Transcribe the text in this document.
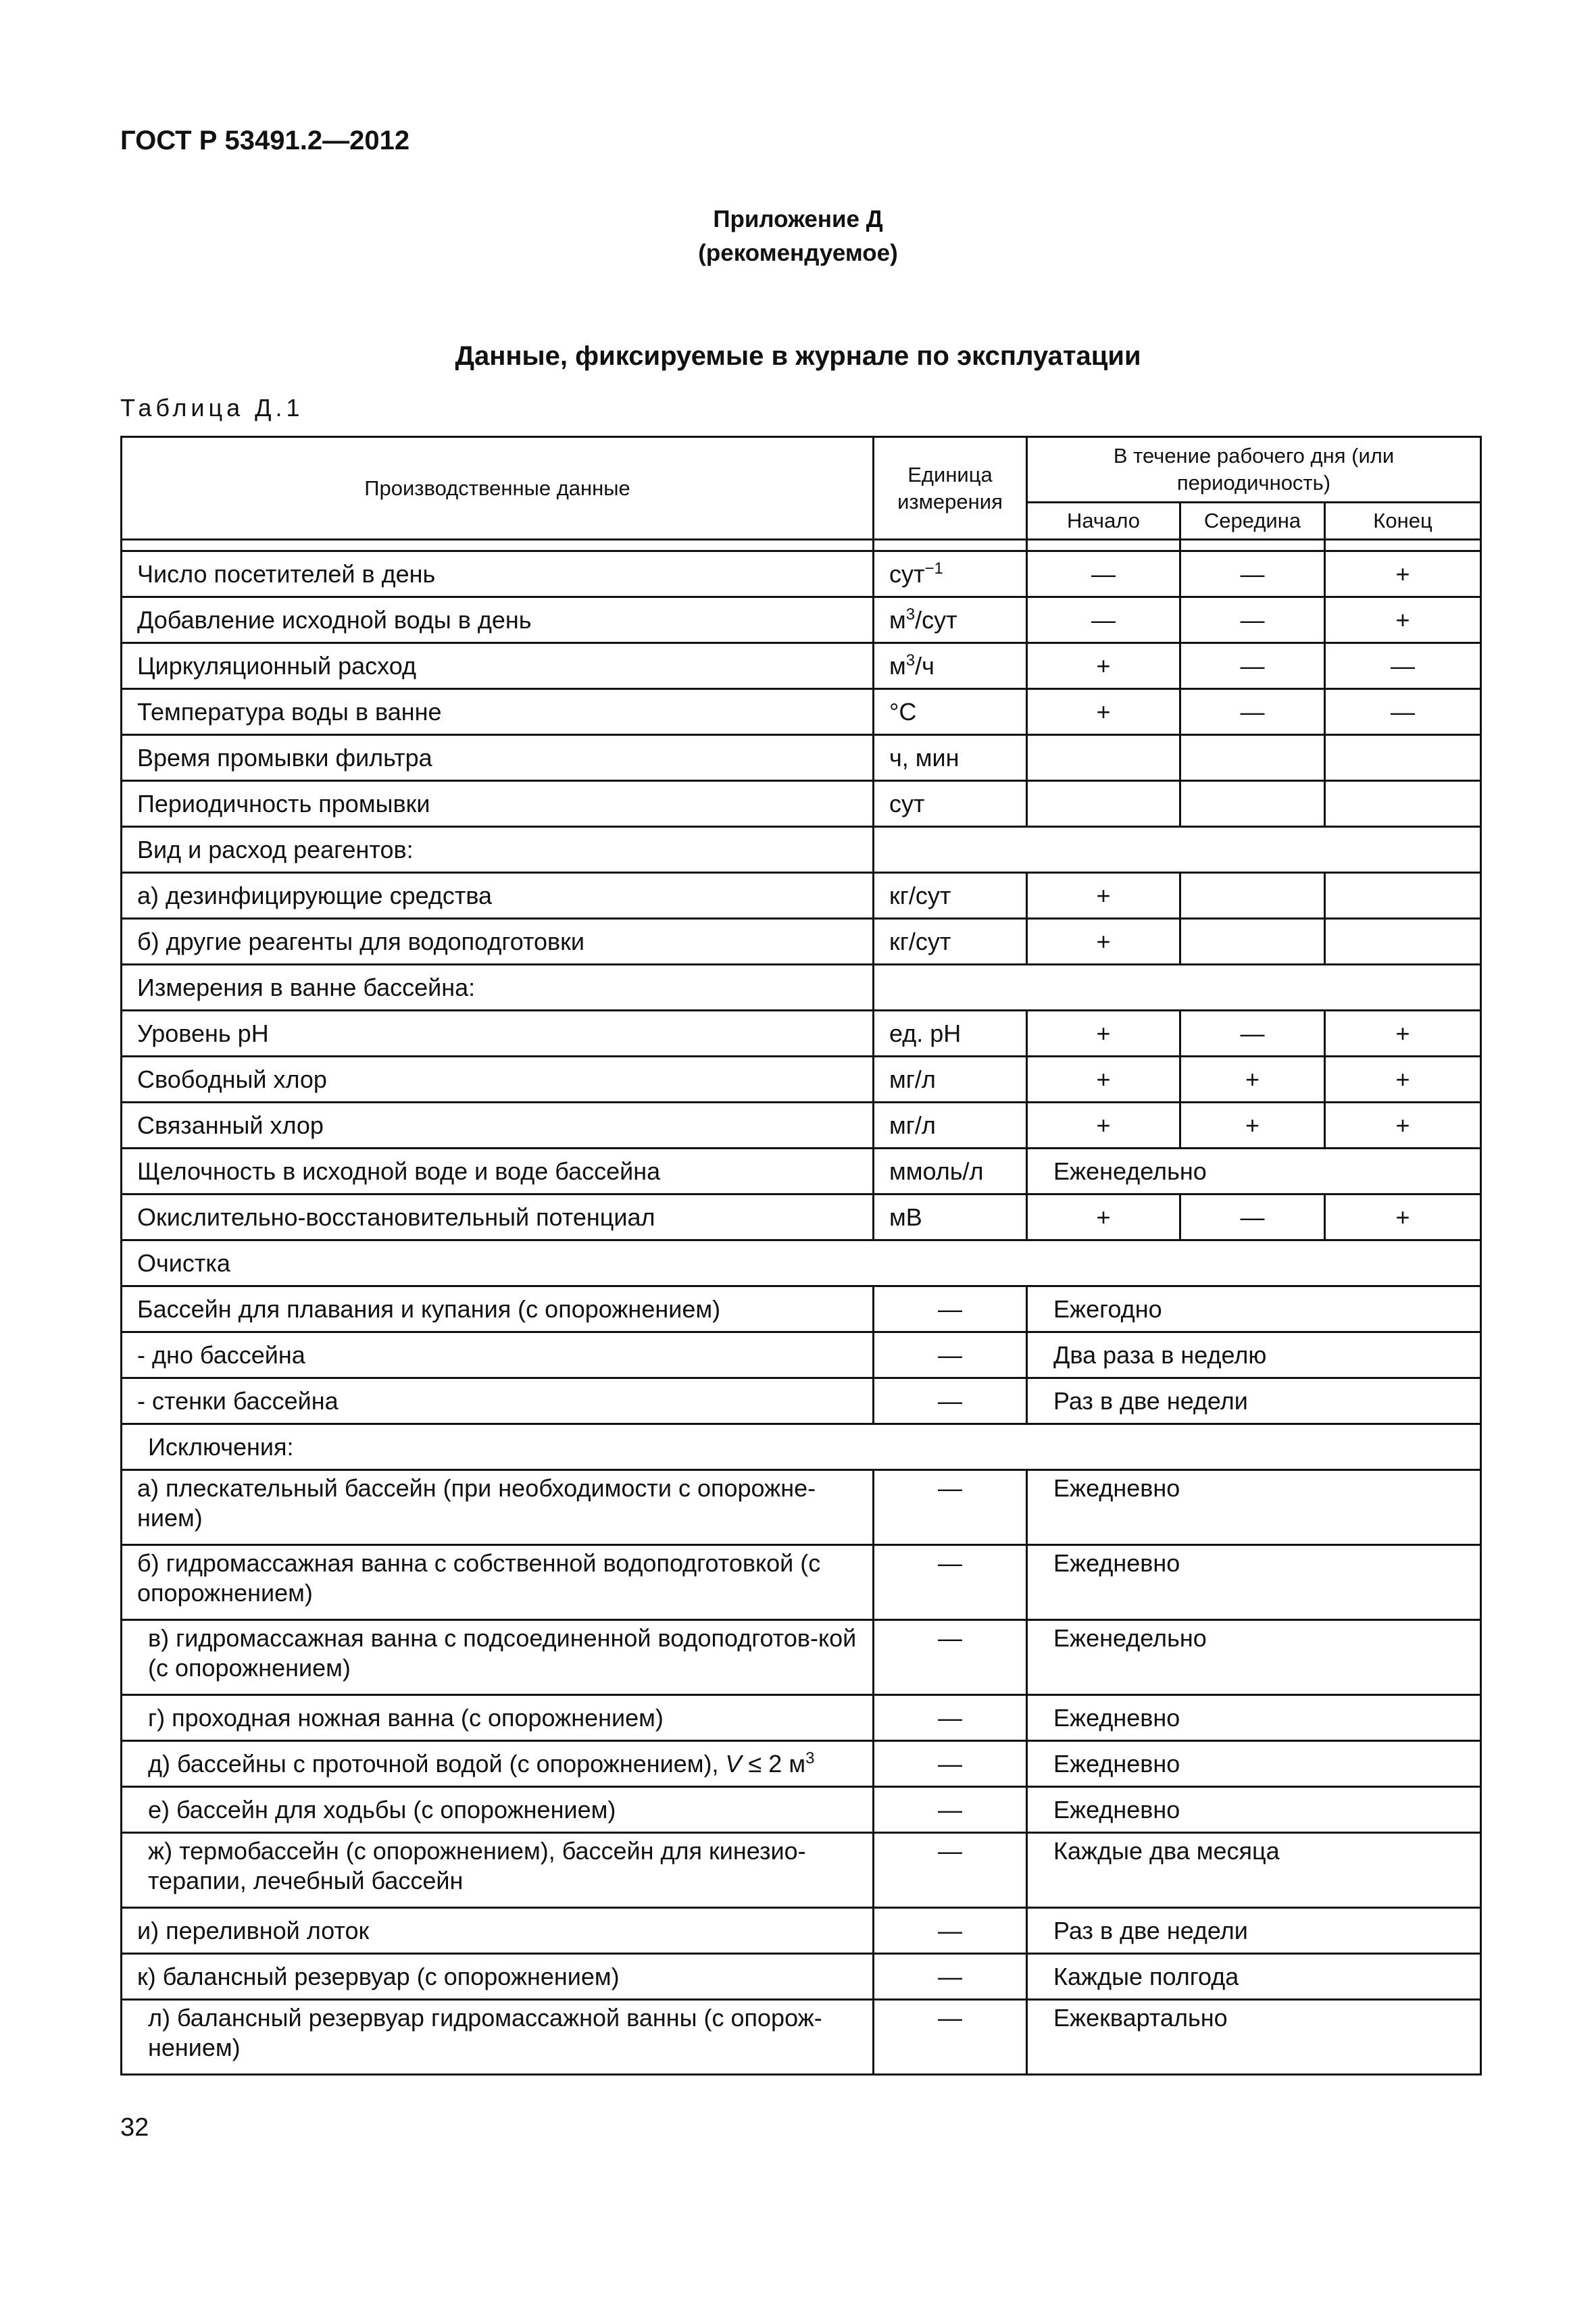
ГОСТ Р 53491.2—2012
Приложение Д
(рекомендуемое)
Данные, фиксируемые в журнале по эксплуатации
Таблица Д.1
Производственные данные	Единица измерения	В течение рабочего дня (или периодичность)		
		Начало	Середина	Конец

Число посетителей в день	сут$^{-1}$	—	—	+
Добавление исходной воды в день	$м^3$/сут	—	—	+
Циркуляционный расход	$м^3/ч$	+	—	—
Температура воды в ванне	°С	+	—	—
Время промывки фильтра	ч, мин			
Периодичность промывки	сут			
Вид и расход реагентов:				
а) дезинфицирующие средства	кг/сут	+		
б) другие реагенты для водоподготовки	кг/сут	+		
Измерения в ванне бассейна:				
Уровень рН	ед. рН	+	—	+
Свободный хлор	мг/л	+	+	+
Связанный хлор	мг/л	+	+	+
Щелочность в исходной воде и воде бассейна	ммоль/л	Еженедельно		
Окислительно-восстановительный потенциал	мВ	+	—	+
Очистка				
Бассейн для плавания и купания (с опорожнением)	—	Ежегодно		
- дно бассейна	—	Два раза в неделю		
- стенки бассейна	—	Раз в две недели		
Исключения:				
а) плескательный бассейн (при необходимости с опорожне-нием)	—	Ежедневно		
б) гидромассажная ванна с собственной водоподготовкой (с опорожнением)	—	Ежедневно		
в) гидромассажная ванна с подсоединенной водоподготов-кой (с опорожнением)	—	Еженедельно		
г) проходная ножная ванна (с опорожнением)	—	Ежедневно		
д) бассейны с проточной водой (с опорожнением), V ≤ 2 $м^3$	—	Ежедневно		
е) бассейн для ходьбы (с опорожнением)	—	Ежедневно		
ж) термобассейн (с опорожнением), бассейн для кинезио-терапии, лечебный бассейн	—	Каждые два месяца		
и) переливной лоток	—	Раз в две недели		
к) балансный резервуар (с опорожнением)	—	Каждые полгода		
л) балансный резервуар гидромассажной ванны (с опорож-нением)	—	Ежеквартально		
32
